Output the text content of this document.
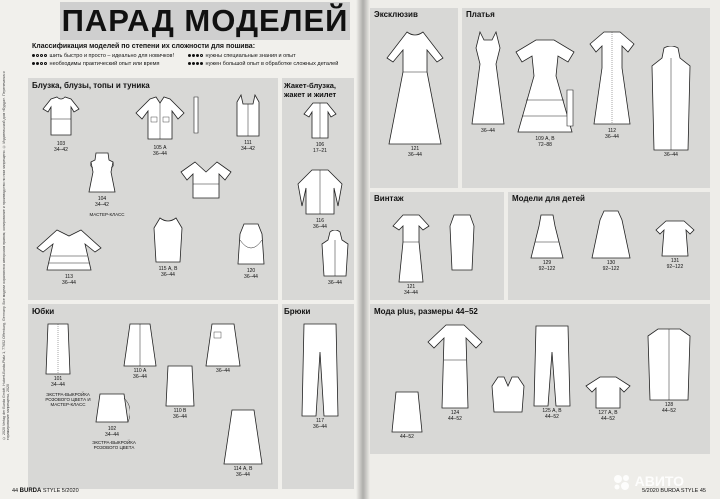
© 2020 Verlag der Burda GmbH, Hubert-Burda-Platz 1, 77652 Offenburg, Germany. Все модели охраняются авторским правом, копирование и производство по ним запрещено. © Издательский дом «Бурда». Перепечатка и тиражирование запрещены, 2020
ПАРАД МОДЕЛЕЙ
Классификация моделей по степени их сложности для пошива:
шить быстро и просто – идеально для новичков!
необходимы практический опыт или время
нужны специальные знания и опыт
нужен большой опыт в обработке сложных деталей
Блузка, блузы, топы и туника
103
34–42
104
34–42
МАСТЕР-КЛАСС
105 А
36–44
111
34–42
113
36–44
115 А, В
36–44
120
36–44
Жакет-блузка, жакет и жилет
106
17–21
116
36–44
36–44
Юбки
101
34–44
ЭКСТРА-ВЫКРОЙКА РОЗОВОГО ЦВЕТА И МАСТЕР-КЛАСС
110 А
36–44
36–44
102
34–44
ЭКСТРА-ВЫКРОЙКА РОЗОВОГО ЦВЕТА
110 В
36–44
114 А, В
36–44
Брюки
117
36–44
44 BURDA STYLE 5/2020
Эксклюзив
121
36–44
Платья
36–44
109 А, В
72–88
112
36–44
36–44
Винтаж
121
34–44
Модели для детей
129
92–122
130
92–122
131
92–122
Мода plus, размеры 44–52
124
44–52
44–52
125 А, В
44–52
127 А, В
44–52
128
44–52
5/2020 BURDA STYLE 45
АВИТО
